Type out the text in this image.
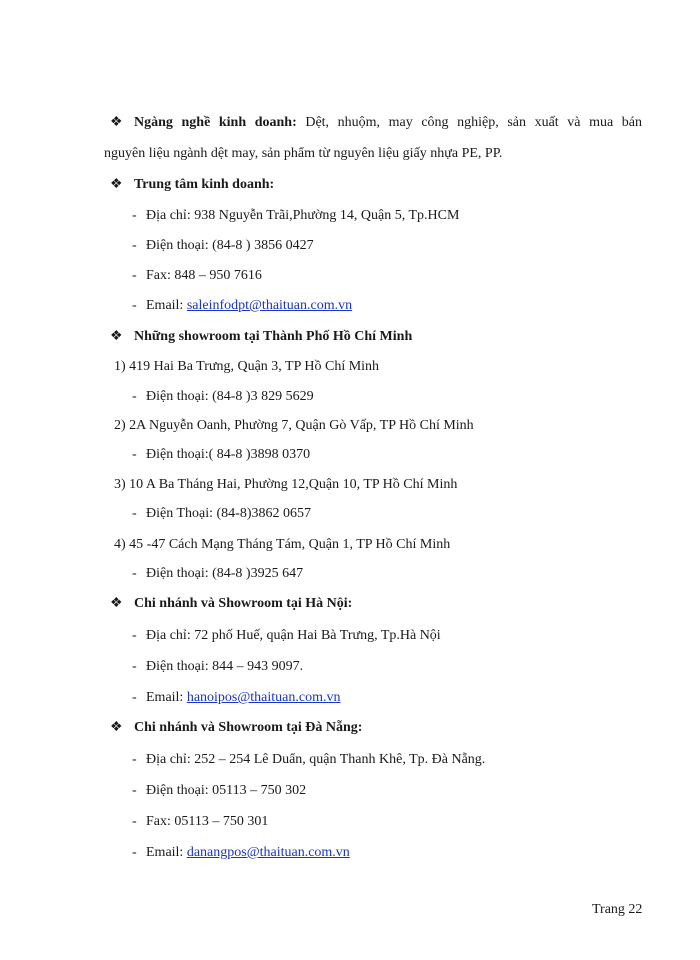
❖ Ngàng nghề kinh doanh: Dệt, nhuộm, may công nghiệp, sản xuất và mua bán
nguyên liệu ngành dệt may, sản phẩm từ nguyên liệu giấy nhựa PE, PP.
❖ Trung tâm kinh doanh:
- Địa chỉ: 938 Nguyễn Trãi,Phường 14, Quận 5, Tp.HCM
- Điện thoại: (84-8 ) 3856 0427
- Fax: 848 – 950 7616
- Email: saleinfodpt@thaituan.com.vn
❖ Những showroom tại Thành Phố Hồ Chí Minh
1) 419 Hai Ba Trưng, Quận 3, TP Hồ Chí Minh
- Điện thoại: (84-8 )3 829 5629
2) 2A Nguyễn Oanh, Phường 7, Quận Gò Vấp, TP Hồ Chí Minh
- Điện thoại:( 84-8 )3898 0370
3) 10 A Ba Tháng Hai, Phường 12,Quận 10, TP Hồ Chí Minh
- Điện Thoại: (84-8)3862 0657
4) 45 -47 Cách Mạng Tháng Tám, Quận 1, TP Hồ Chí Minh
- Điện thoại: (84-8 )3925 647
❖ Chi nhánh và Showroom tại Hà Nội:
- Địa chỉ: 72 phố Huế, quận Hai Bà Trưng, Tp.Hà Nội
- Điện thoại: 844 – 943 9097.
- Email: hanoipos@thaituan.com.vn
❖ Chi nhánh và Showroom tại Đà Nẵng:
- Địa chỉ: 252 – 254 Lê Duẩn, quận Thanh Khê, Tp. Đà Nẵng.
- Điện thoại: 05113 – 750 302
- Fax: 05113 – 750 301
- Email: danangpos@thaituan.com.vn
Trang 22
